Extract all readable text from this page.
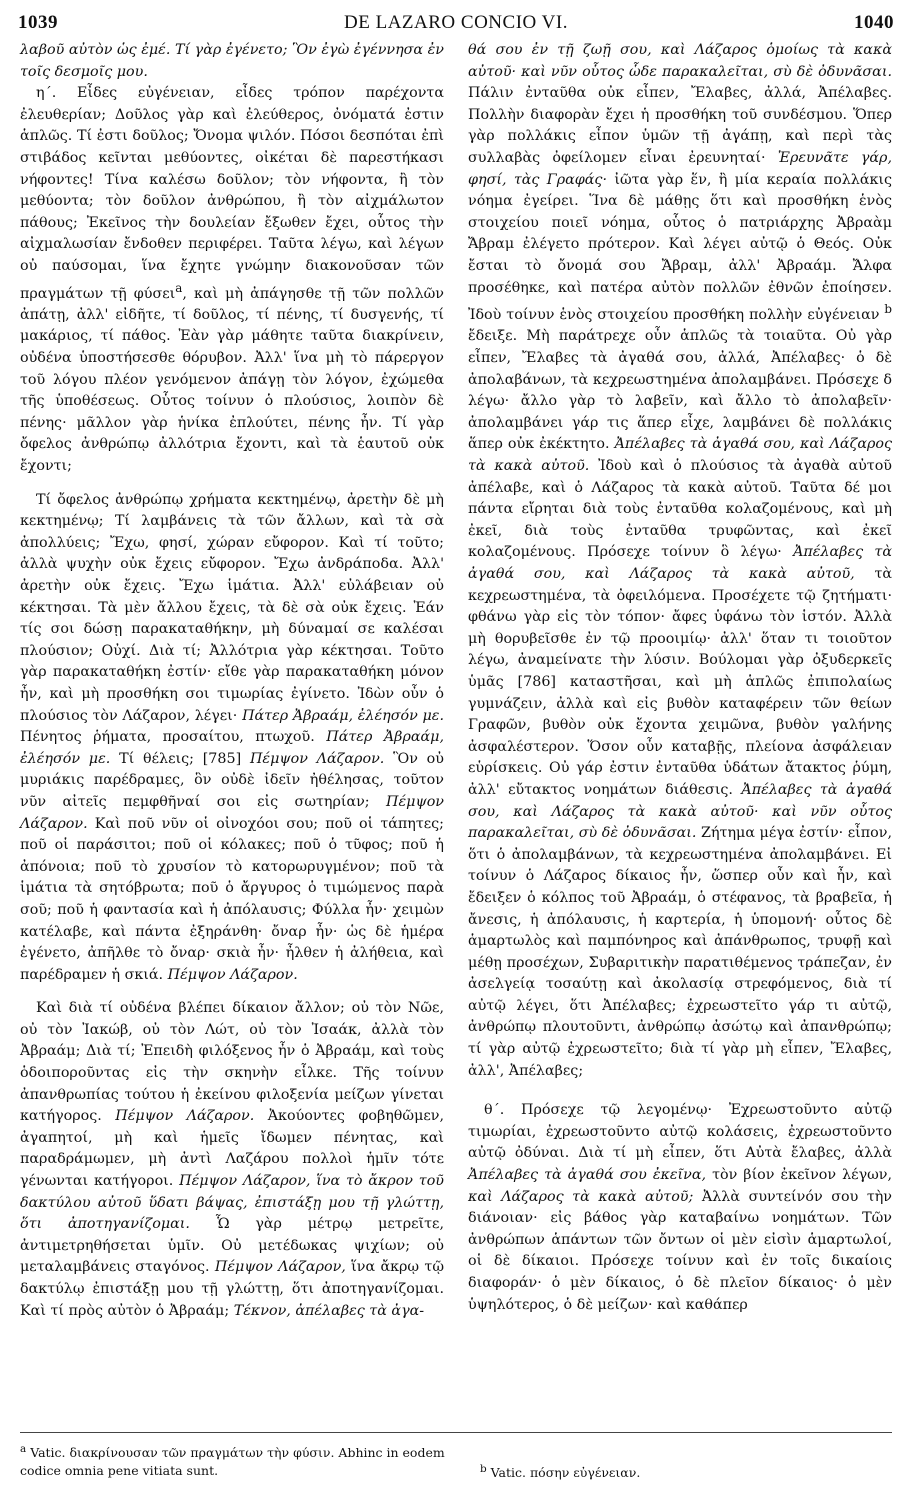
1039	DE LAZARO CONCIO VI.	1040

λαβοῦ αὐτὸν ὡς ἐμέ. Τί γὰρ ἐγένετο; Ὃν ἐγὼ ἐγέννησα ἐν τοῖς δεσμοῖς μου.

η΄. Εἶδες εὐγένειαν, εἶδες τρόπον παρέχοντα ἐλευθερίαν; Δοῦλος γὰρ καὶ ἐλεύθερος, ὀνόματά ἐστιν ἁπλῶς. Τί ἐστι δοῦλος; Ὄνομα ψιλόν. Πόσοι δεσπόται ἐπὶ στιβάδος κεῖνται μεθύοντες, οἰκέται δὲ παρεστήκασι νήφοντες! Τίνα καλέσω δοῦλον; τὸν νήφοντα, ἢ τὸν μεθύοντα; τὸν δοῦλον ἀνθρώπου, ἢ τὸν αἰχμάλωτον πάθους; Ἐκεῖνος τὴν δουλείαν ἔξωθεν ἔχει, οὗτος τὴν αἰχμαλωσίαν ἔνδοθεν περιφέρει. Ταῦτα λέγω, καὶ λέγων οὐ παύσομαι, ἵνα ἔχητε γνώμην διακονοῦσαν τῶν πραγμάτων τῇ φύσει$^a$, καὶ μὴ ἀπάγησθε τῇ τῶν πολλῶν ἀπάτῃ, ἀλλ' εἰδῆτε, τί δοῦλος, τί πένης, τί δυσγενής, τί μακάριος, τί πάθος. Ἐὰν γὰρ μάθητε ταῦτα διακρίνειν, οὐδένα ὑποστήσεσθε θόρυβον. Ἀλλ' ἵνα μὴ τὸ πάρεργον τοῦ λόγου πλέον γενόμενον ἀπάγῃ τὸν λόγον, ἐχώμεθα τῆς ὑποθέσεως. Οὗτος τοίνυν ὁ πλούσιος, λοιπὸν δὲ πένης· μᾶλλον γὰρ ἡνίκα ἐπλούτει, πένης ἦν. Τί γὰρ ὄφελος ἀνθρώπῳ ἀλλότρια ἔχοντι, καὶ τὰ ἑαυτοῦ οὐκ ἔχοντι;

Τί ὄφελος ἀνθρώπῳ χρήματα κεκτημένῳ, ἀρετὴν δὲ μὴ κεκτημένῳ; Τί λαμβάνεις τὰ τῶν ἄλλων, καὶ τὰ σὰ ἀπολλύεις; Ἔχω, φησί, χώραν εὔφορον. Καὶ τί τοῦτο; ἀλλὰ ψυχὴν οὐκ ἔχεις εὔφορον. Ἔχω ἀνδράποδα. Ἀλλ' ἀρετὴν οὐκ ἔχεις. Ἔχω ἱμάτια. Ἀλλ' εὐλάβειαν οὐ κέκτησαι. Τὰ μὲν ἄλλου ἔχεις, τὰ δὲ σὰ οὐκ ἔχεις. Ἐάν τίς σοι δώσῃ παρακαταθήκην, μὴ δύναμαί σε καλέσαι πλούσιον; Οὐχί. Διὰ τί; Ἀλλότρια γὰρ κέκτησαι. Τοῦτο γὰρ παρακαταθήκη ἐστίν· εἴθε γὰρ παρακαταθήκη μόνον ἦν, καὶ μὴ προσθήκη σοι τιμωρίας ἐγίνετο. Ἰδὼν οὖν ὁ πλούσιος τὸν Λάζαρον, λέγει· Πάτερ Ἀβραάμ, ἐλέησόν με. Πένητος ῥήματα, προσαίτου, πτωχοῦ. Πάτερ Ἀβραάμ, ἐλέησόν με. Τί θέλεις; [785] Πέμψον Λάζαρον. Ὃν οὐ μυριάκις παρέδραμες, ὃν οὐδὲ ἰδεῖν ἠθέλησας, τοῦτον νῦν αἰτεῖς πεμφθῆναί σοι εἰς σωτηρίαν; Πέμψον Λάζαρον. Καὶ ποῦ νῦν οἱ οἰνοχόοι σου; ποῦ οἱ τάπητες; ποῦ οἱ παράσιτοι; ποῦ οἱ κόλακες; ποῦ ὁ τῦφος; ποῦ ἡ ἀπόνοια; ποῦ τὸ χρυσίον τὸ κατορωρυγμένον; ποῦ τὰ ἱμάτια τὰ σητόβρωτα; ποῦ ὁ ἄργυρος ὁ τιμώμενος παρὰ σοῦ; ποῦ ἡ φαντασία καὶ ἡ ἀπόλαυσις; Φύλλα ἦν· χειμὼν κατέλαβε, καὶ πάντα ἐξηράνθη· ὄναρ ἦν· ὡς δὲ ἡμέρα ἐγένετο, ἀπῆλθε τὸ ὄναρ· σκιὰ ἦν· ἦλθεν ἡ ἀλήθεια, καὶ παρέδραμεν ἡ σκιά. Πέμψον Λάζαρον.

Καὶ διὰ τί οὐδένα βλέπει δίκαιον ἄλλον; οὐ τὸν Νῶε, οὐ τὸν Ἰακώβ, οὐ τὸν Λώτ, οὐ τὸν Ἰσαάκ, ἀλλὰ τὸν Ἀβραάμ; Διὰ τί; Ἐπειδὴ φιλόξενος ἦν ὁ Ἀβραάμ, καὶ τοὺς ὁδοιποροῦντας εἰς τὴν σκηνὴν εἷλκε. Τῆς τοίνυν ἀπανθρωπίας τούτου ἡ ἐκείνου φιλοξενία μείζων γίνεται κατήγορος. Πέμψον Λάζαρον. Ἀκούοντες φοβηθῶμεν, ἀγαπητοί, μὴ καὶ ἡμεῖς ἴδωμεν πένητας, καὶ παραδράμωμεν, μὴ ἀντὶ Λαζάρου πολλοὶ ἡμῖν τότε γένωνται κατήγοροι. Πέμψον Λάζαρον, ἵνα τὸ ἄκρον τοῦ δακτύλου αὐτοῦ ὕδατι βάψας, ἐπιστάξῃ μου τῇ γλώττῃ, ὅτι ἀποτηγανίζομαι. Ὧ γὰρ μέτρῳ μετρεῖτε, ἀντιμετρηθήσεται ὑμῖν. Οὐ μετέδωκας ψιχίων; οὐ μεταλαμβάνεις σταγόνος. Πέμψον Λάζαρον, ἵνα ἄκρῳ τῷ δακτύλῳ ἐπιστάξῃ μου τῇ γλώττῃ, ὅτι ἀποτηγανίζομαι. Καὶ τί πρὸς αὐτὸν ὁ Ἀβραάμ; Τέκνον, ἀπέλαβες τὰ ἀγα-

θά σου ἐν τῇ ζωῇ σου, καὶ Λάζαρος ὁμοίως τὰ κακὰ αὐτοῦ· καὶ νῦν οὗτος ὧδε παρακαλεῖται, σὺ δὲ ὀδυνᾶσαι. Πάλιν ἐνταῦθα οὐκ εἶπεν, Ἔλαβες, ἀλλά, Ἀπέλαβες. Πολλὴν διαφορὰν ἔχει ἡ προσθήκη τοῦ συνδέσμου. Ὅπερ γὰρ πολλάκις εἶπον ὑμῶν τῇ ἀγάπῃ, καὶ περὶ τὰς συλλαβὰς ὀφείλομεν εἶναι ἐρευνηταί· Ἐρευνᾶτε γάρ, φησί, τὰς Γραφάς· ἰῶτα γὰρ ἕν, ἢ μία κεραία πολλάκις νόημα ἐγείρει. Ἵνα δὲ μάθῃς ὅτι καὶ προσθήκη ἑνὸς στοιχείου ποιεῖ νόημα, οὗτος ὁ πατριάρχης Ἀβραὰμ Ἄβραμ ἐλέγετο πρότερον. Καὶ λέγει αὐτῷ ὁ Θεός. Οὐκ ἔσται τὸ ὄνομά σου Ἄβραμ, ἀλλ' Ἀβραάμ. Ἄλφα προσέθηκε, καὶ πατέρα αὐτὸν πολλῶν ἐθνῶν ἐποίησεν. Ἰδοὺ τοίνυν ἑνὸς στοιχείου προσθήκη πολλὴν εὐγένειαν $^b$ ἔδειξε. Μὴ παράτρεχε οὖν ἁπλῶς τὰ τοιαῦτα. Οὐ γὰρ εἶπεν, Ἔλαβες τὰ ἀγαθά σου, ἀλλά, Ἀπέλαβες· ὁ δὲ ἀπολαβάνων, τὰ κεχρεωστημένα ἀπολαμβάνει. Πρόσεχε δ λέγω· ἄλλο γὰρ τὸ λαβεῖν, καὶ ἄλλο τὸ ἀπολαβεῖν· ἀπολαμβάνει γάρ τις ἅπερ εἶχε, λαμβάνει δὲ πολλάκις ἅπερ οὐκ ἐκέκτητο. Ἀπέλαβες τὰ ἀγαθά σου, καὶ Λάζαρος τὰ κακὰ αὐτοῦ. Ἰδοὺ καὶ ὁ πλούσιος τὰ ἀγαθὰ αὐτοῦ ἀπέλαβε, καὶ ὁ Λάζαρος τὰ κακὰ αὐτοῦ. Ταῦτα δέ μοι πάντα εἴρηται διὰ τοὺς ἐνταῦθα κολαζομένους, καὶ μὴ ἐκεῖ, διὰ τοὺς ἐνταῦθα τρυφῶντας, καὶ ἐκεῖ κολαζομένους. Πρόσεχε τοίνυν ὃ λέγω· Ἀπέλαβες τὰ ἀγαθά σου, καὶ Λάζαρος τὰ κακὰ αὐτοῦ, τὰ κεχρεωστημένα, τὰ ὀφειλόμενα. Προσέχετε τῷ ζητήματι· φθάνω γὰρ εἰς τὸν τόπον· ἄφες ὑφάνω τὸν ἱστόν. Ἀλλὰ μὴ θορυβεῖσθε ἐν τῷ προοιμίῳ· ἀλλ' ὅταν τι τοιοῦτον λέγω, ἀναμείνατε τὴν λύσιν. Βούλομαι γὰρ ὀξυδερκεῖς ὑμᾶς [786] καταστῆσαι, καὶ μὴ ἁπλῶς ἐπιπολαίως γυμνάζειν, ἀλλὰ καὶ εἰς βυθὸν καταφέρειν τῶν θείων Γραφῶν, βυθὸν οὐκ ἔχοντα χειμῶνα, βυθὸν γαλήνης ἀσφαλέστερον. Ὅσον οὖν καταβῇς, πλείονα ἀσφάλειαν εὑρίσκεις. Οὐ γάρ ἐστιν ἐνταῦθα ὑδάτων ἄτακτος ῥύμη, ἀλλ' εὔτακτος νοημάτων διάθεσις. Ἀπέλαβες τὰ ἀγαθά σου, καὶ Λάζαρος τὰ κακὰ αὐτοῦ· καὶ νῦν οὗτος παρακαλεῖται, σὺ δὲ ὀδυνᾶσαι. Ζήτημα μέγα ἐστίν· εἶπον, ὅτι ὁ ἀπολαμβάνων, τὰ κεχρεωστημένα ἀπολαμβάνει. Εἰ τοίνυν ὁ Λάζαρος δίκαιος ἦν, ὥσπερ οὖν καὶ ἦν, καὶ ἔδειξεν ὁ κόλπος τοῦ Ἀβραάμ, ὁ στέφανος, τὰ βραβεῖα, ἡ ἄνεσις, ἡ ἀπόλαυσις, ἡ καρτερία, ἡ ὑπομονή· οὗτος δὲ ἁμαρτωλὸς καὶ παμπόνηρος καὶ ἀπάνθρωπος, τρυφῇ καὶ μέθῃ προσέχων, Συβαριτικὴν παρατιθέμενος τράπεζαν, ἐν ἀσελγείᾳ τοσαύτῃ καὶ ἀκολασίᾳ στρεφόμενος, διὰ τί αὐτῷ λέγει, ὅτι Ἀπέλαβες; ἐχρεωστεῖτο γάρ τι αὐτῷ, ἀνθρώπῳ πλουτοῦντι, ἀνθρώπῳ ἀσώτῳ καὶ ἀπανθρώπῳ; τί γὰρ αὐτῷ ἐχρεωστεῖτο; διὰ τί γὰρ μὴ εἶπεν, Ἔλαβες, ἀλλ', Ἀπέλαβες;

θ΄. Πρόσεχε τῷ λεγομένῳ· Ἐχρεωστοῦντο αὐτῷ τιμωρίαι, ἐχρεωστοῦντο αὐτῷ κολάσεις, ἐχρεωστοῦντο αὐτῷ ὀδύναι. Διὰ τί μὴ εἶπεν, ὅτι Αὐτὰ ἔλαβες, ἀλλὰ Ἀπέλαβες τὰ ἀγαθά σου ἐκεῖνα, τὸν βίον ἐκεῖνον λέγων, καὶ Λάζαρος τὰ κακὰ αὐτοῦ; Ἀλλὰ συντείνόν σου τὴν διάνοιαν· εἰς βάθος γὰρ καταβαίνω νοημάτων. Τῶν ἀνθρώπων ἁπάντων τῶν ὄντων οἱ μὲν εἰσὶν ἁμαρτωλοί, οἱ δὲ δίκαιοι. Πρόσεχε τοίνυν καὶ ἐν τοῖς δικαίοις διαφοράν· ὁ μὲν δίκαιος, ὁ δὲ πλεῖον δίκαιος· ὁ μὲν ὑψηλότερος, ὁ δὲ μείζων· καὶ καθάπερ

$^a$ Vatic. διακρίνουσαν τῶν πραγμάτων τὴν φύσιν. Abhinc in eodem codice omnia pene vitiata sunt.	$^b$ Vatic. πόσην εὐγένειαν.
